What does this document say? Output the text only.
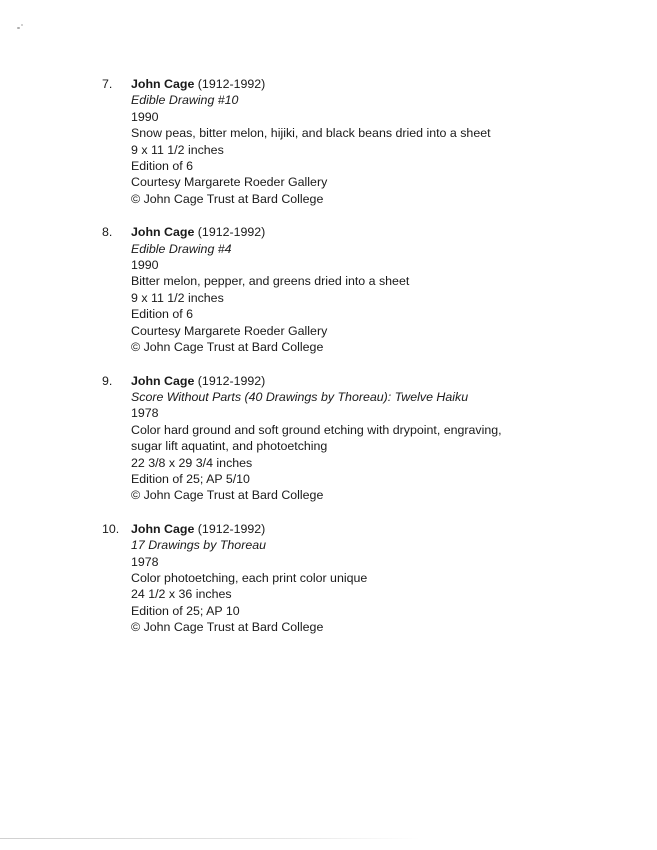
7. John Cage (1912-1992)
Edible Drawing #10
1990
Snow peas, bitter melon, hijiki, and black beans dried into a sheet
9 x 11 1/2 inches
Edition of 6
Courtesy Margarete Roeder Gallery
© John Cage Trust at Bard College
8. John Cage (1912-1992)
Edible Drawing #4
1990
Bitter melon, pepper, and greens dried into a sheet
9 x 11 1/2 inches
Edition of 6
Courtesy Margarete Roeder Gallery
© John Cage Trust at Bard College
9. John Cage (1912-1992)
Score Without Parts (40 Drawings by Thoreau): Twelve Haiku
1978
Color hard ground and soft ground etching with drypoint, engraving,
sugar lift aquatint, and photoetching
22 3/8 x 29 3/4 inches
Edition of 25; AP 5/10
© John Cage Trust at Bard College
10. John Cage (1912-1992)
17 Drawings by Thoreau
1978
Color photoetching, each print color unique
24 1/2 x 36 inches
Edition of 25; AP 10
© John Cage Trust at Bard College
